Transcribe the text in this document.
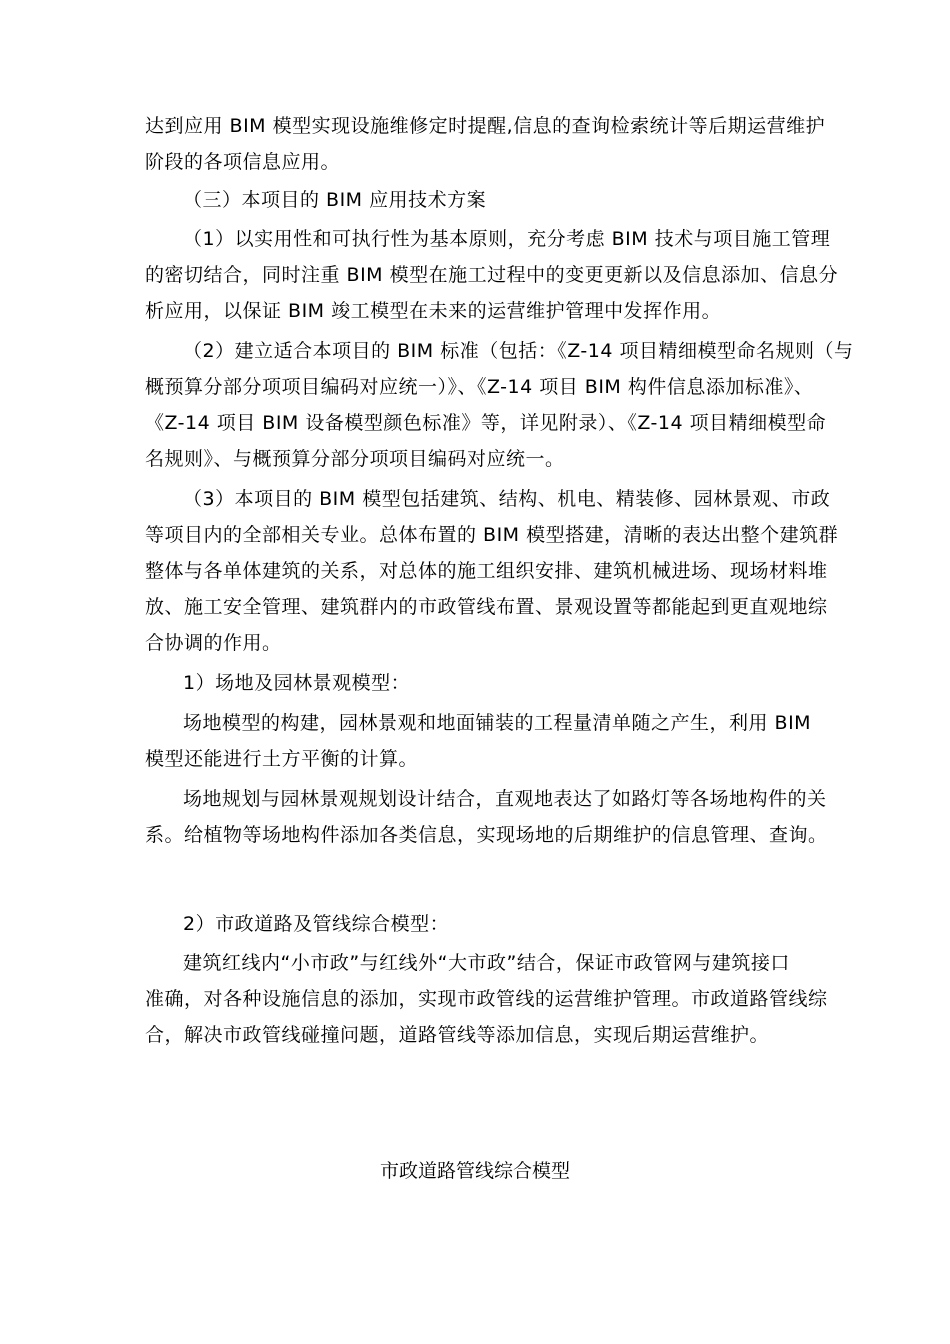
达到应用 BIM 模型实现设施维修定时提醒,信息的查询检索统计等后期运营维护
阶段的各项信息应用。
（三）本项目的 BIM 应用技术方案
（1）以实用性和可执行性为基本原则，充分考虑 BIM 技术与项目施工管理
的密切结合，同时注重 BIM 模型在施工过程中的变更更新以及信息添加、信息分
析应用，以保证 BIM 竣工模型在未来的运营维护管理中发挥作用。
（2）建立适合本项目的 BIM 标准（包括：《Z-14 项目精细模型命名规则（与
概预算分部分项项目编码对应统一）》、《Z-14 项目 BIM 构件信息添加标准》、
《Z-14 项目 BIM 设备模型颜色标准》等，详见附录）、《Z-14 项目精细模型命
名规则》、与概预算分部分项项目编码对应统一。
（3）本项目的 BIM 模型包括建筑、结构、机电、精装修、园林景观、市政
等项目内的全部相关专业。总体布置的 BIM 模型搭建，清晰的表达出整个建筑群
整体与各单体建筑的关系，对总体的施工组织安排、建筑机械进场、现场材料堆
放、施工安全管理、建筑群内的市政管线布置、景观设置等都能起到更直观地综
合协调的作用。
1）场地及园林景观模型：
场地模型的构建，园林景观和地面铺装的工程量清单随之产生，利用 BIM
模型还能进行土方平衡的计算。
场地规划与园林景观规划设计结合，直观地表达了如路灯等各场地构件的关
系。给植物等场地构件添加各类信息，实现场地的后期维护的信息管理、查询。
2）市政道路及管线综合模型：
建筑红线内“小市政”与红线外“大市政”结合，保证市政管网与建筑接口
准确，对各种设施信息的添加，实现市政管线的运营维护管理。市政道路管线综
合，解决市政管线碰撞问题，道路管线等添加信息，实现后期运营维护。
市政道路管线综合模型
